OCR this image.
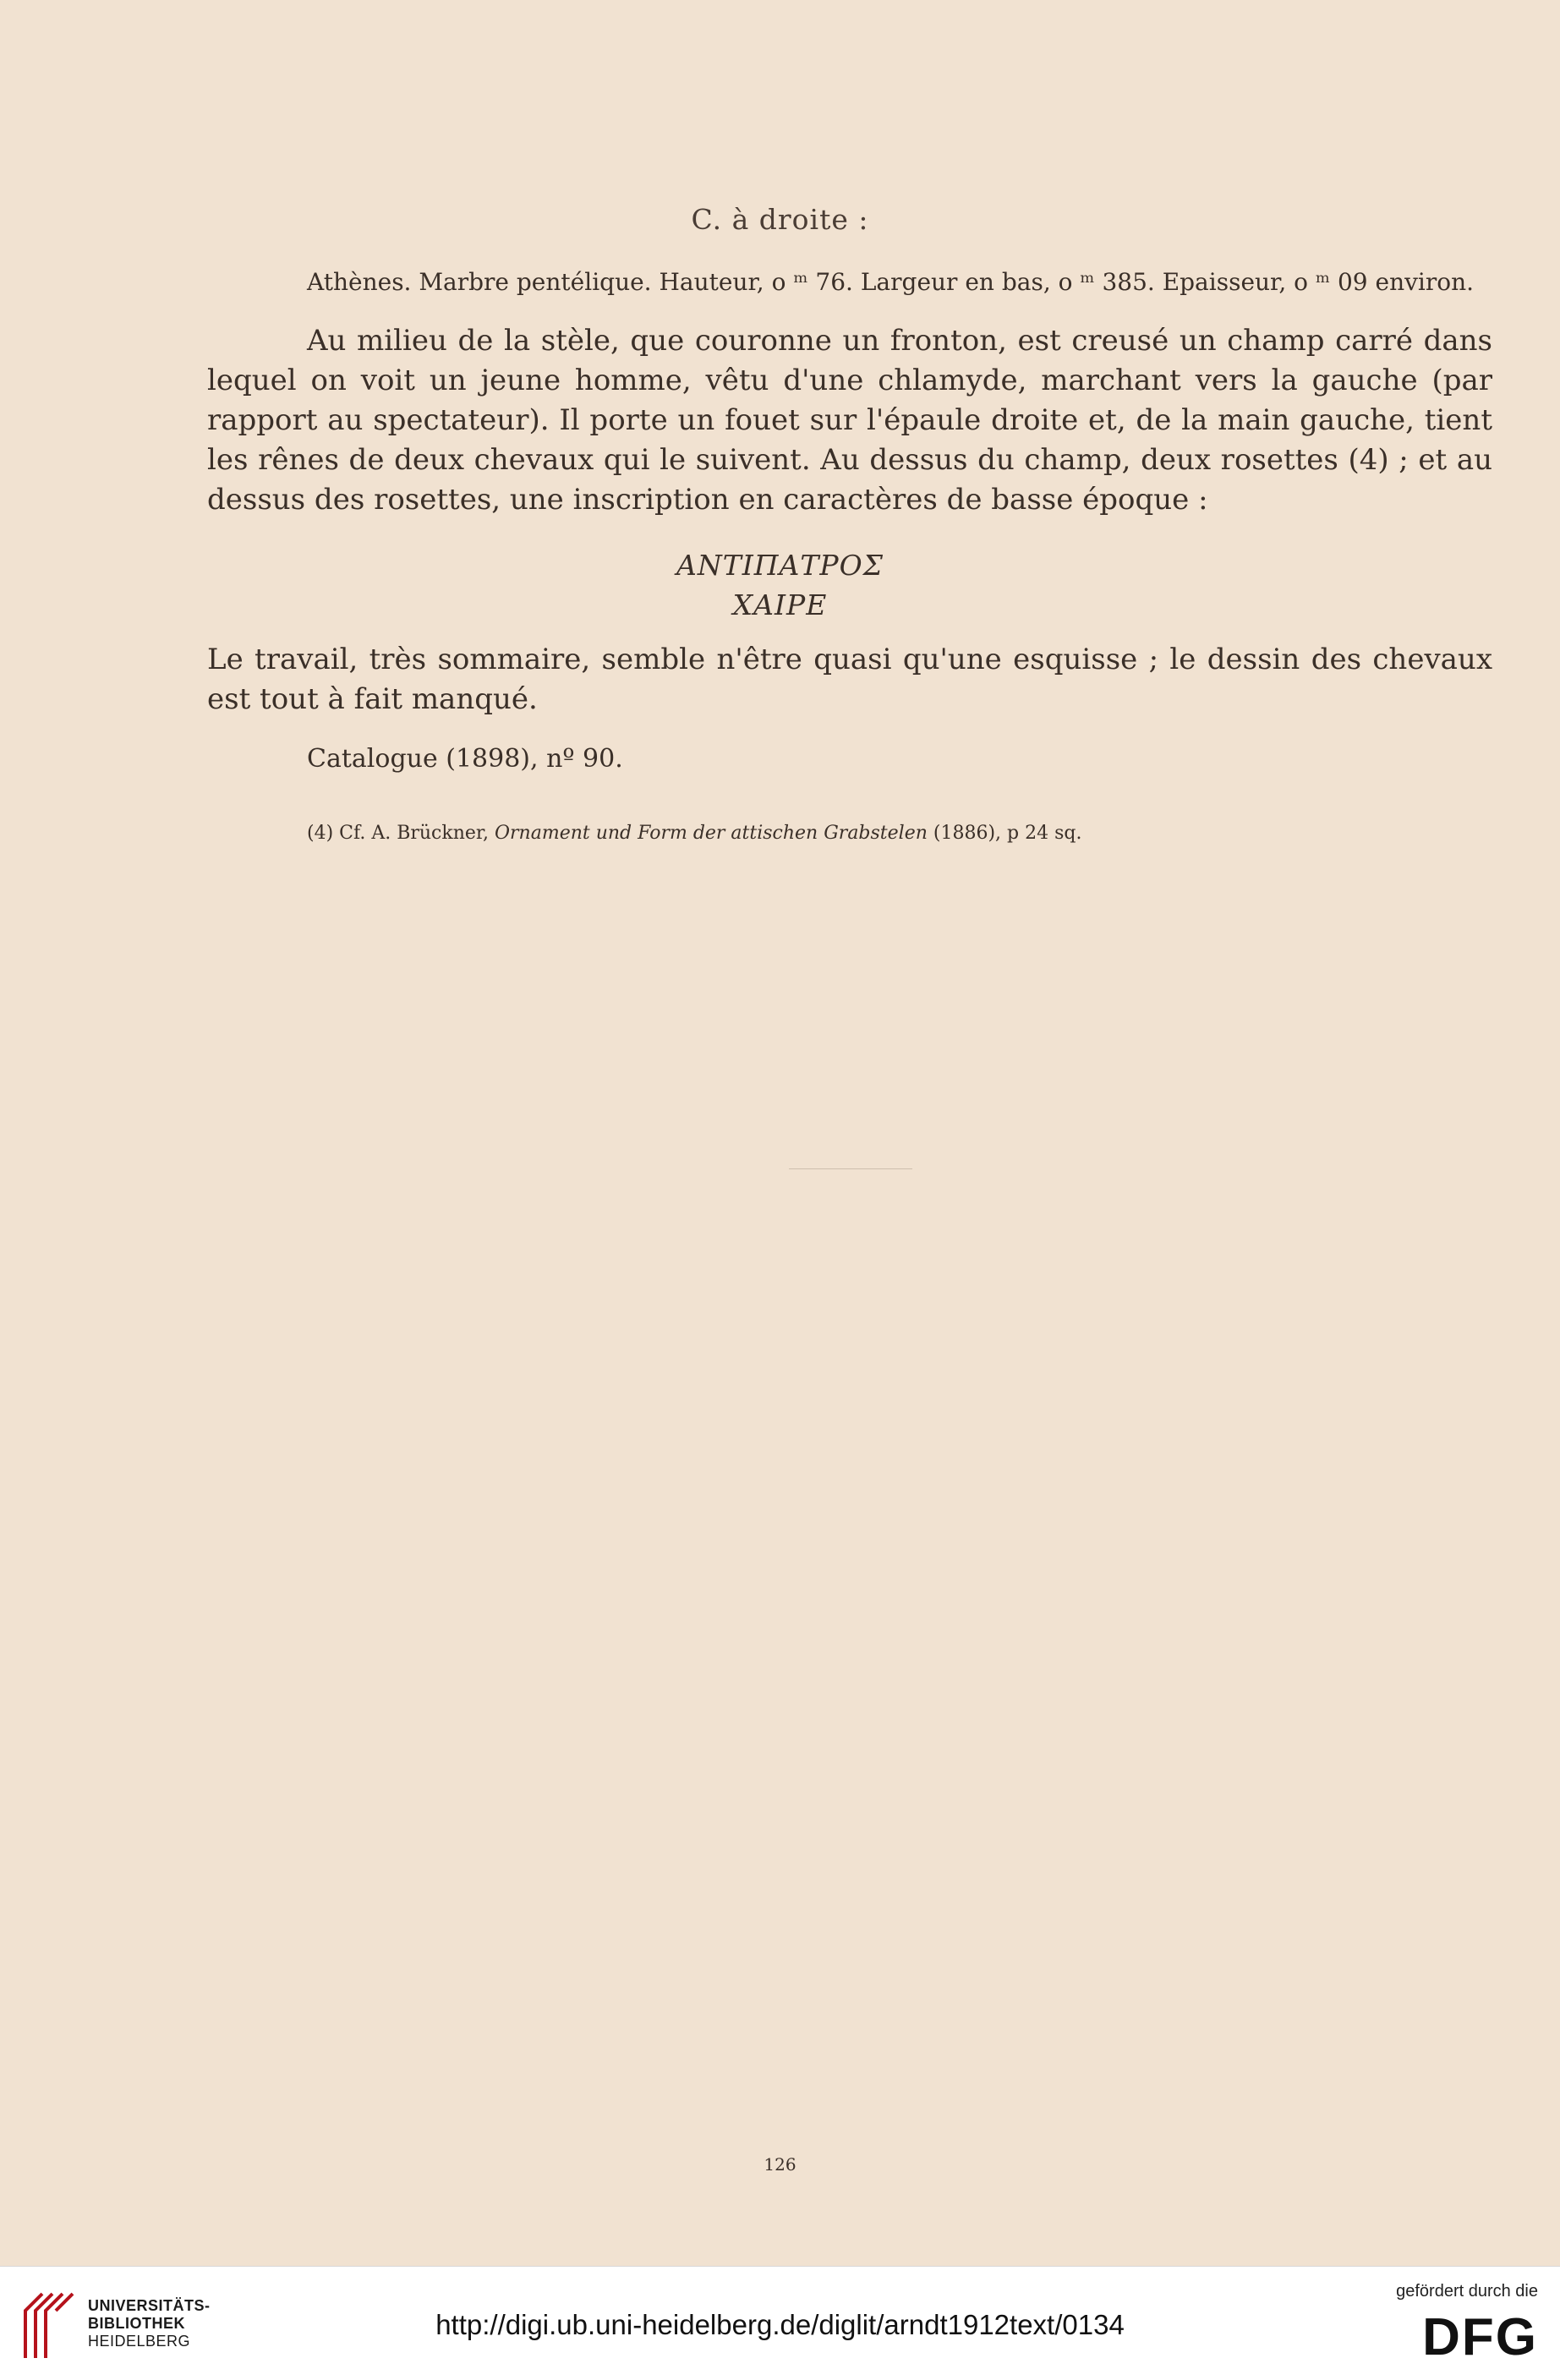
C. à droite :
Athènes. Marbre pentélique. Hauteur, o ᵐ 76. Largeur en bas, o ᵐ 385. Epaisseur, o ᵐ 09 environ.
Au milieu de la stèle, que couronne un fronton, est creusé un champ carré dans lequel on voit un jeune homme, vêtu d'une chlamyde, marchant vers la gauche (par rapport au spectateur). Il porte un fouet sur l'épaule droite et, de la main gauche, tient les rênes de deux chevaux qui le suivent. Au dessus du champ, deux rosettes (4) ; et au dessus des rosettes, une inscription en caractères de basse époque :
ΑΝΤΙΠΑΤΡΟΣ
ΧΑΙΡΕ
Le travail, très sommaire, semble n'être quasi qu'une esquisse ; le dessin des chevaux est tout à fait manqué.
Catalogue (1898), nº 90.
(4) Cf. A. Brückner, Ornament und Form der attischen Grabstelen (1886), p 24 sq.
126
UNIVERSITÄTS-
BIBLIOTHEK
HEIDELBERG
http://digi.ub.uni-heidelberg.de/diglit/arndt1912text/0134
gefördert durch die
DFG
